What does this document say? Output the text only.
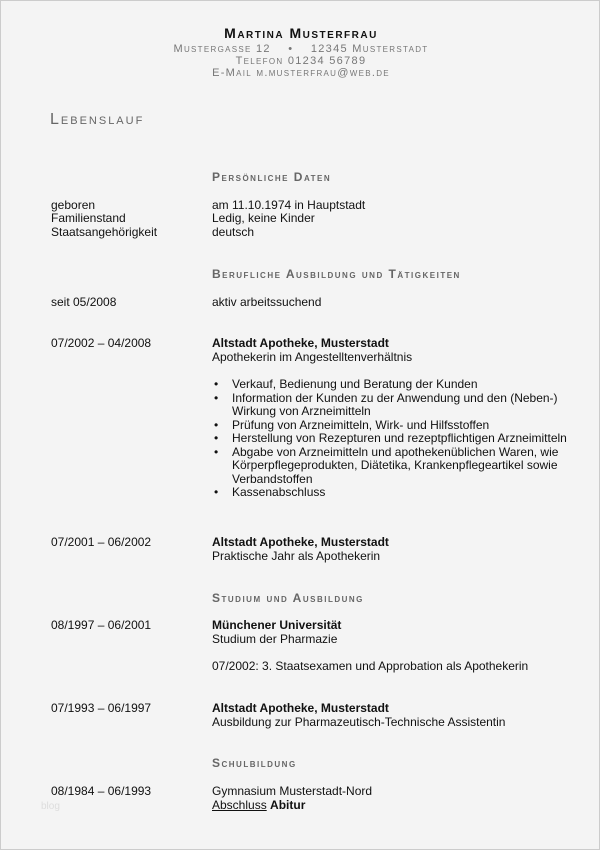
Martina Musterfrau
Mustergasse 12    •    12345 Musterstadt
Telefon 01234 56789
E-Mail m.musterfrau@web.de
Lebenslauf
Persönliche Daten
geboren	am 11.10.1974 in Hauptstadt
Familienstand	Ledig, keine Kinder
Staatsangehörigkeit	deutsch
Berufliche Ausbildung und Tätigkeiten
seit 05/2008	aktiv arbeitssuchend
07/2002 – 04/2008	Altstadt Apotheke, Musterstadt
Apothekerin im Angestelltenverhältnis
• Verkauf, Bedienung und Beratung der Kunden
• Information der Kunden zu der Anwendung und den (Neben-) Wirkung von Arzneimitteln
• Prüfung von Arzneimitteln, Wirk- und Hilfsstoffen
• Herstellung von Rezepturen und rezeptpflichtigen Arzneimitteln
• Abgabe von Arzneimitteln und apothekenüblichen Waren, wie Körperpflegeprodukten, Diätetika, Krankenpflegeartikel sowie Verbandstoffen
• Kassenabschluss
07/2001 – 06/2002	Altstadt Apotheke, Musterstadt
Praktische Jahr als Apothekerin
Studium und Ausbildung
08/1997 – 06/2001	Münchener Universität
Studium der Pharmazie
07/2002: 3. Staatsexamen und Approbation als Apothekerin
07/1993 – 06/1997	Altstadt Apotheke, Musterstadt
Ausbildung zur Pharmazeutisch-Technische Assistentin
Schulbildung
08/1984 – 06/1993	Gymnasium Musterstadt-Nord
Abschluss Abitur
blog
